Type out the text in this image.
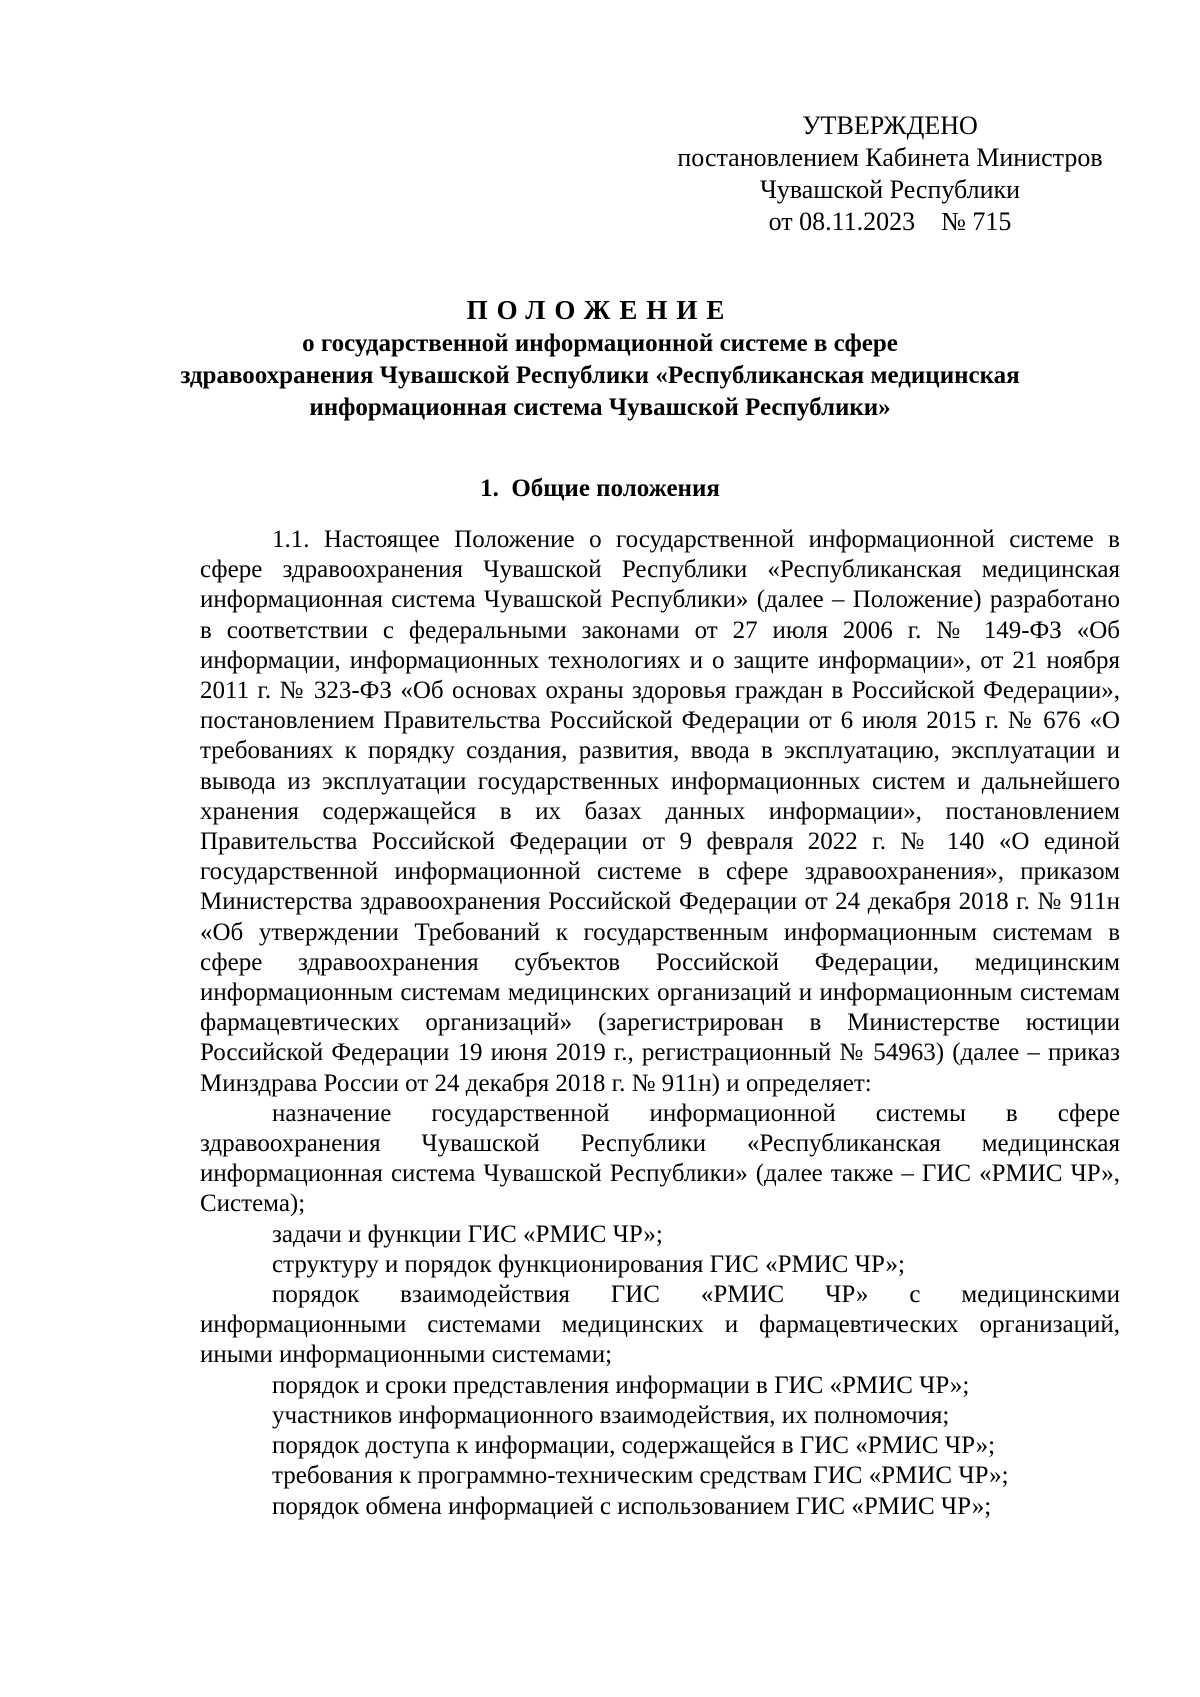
УТВЕРЖДЕНО
постановлением Кабинета Министров
Чувашской Республики
от 08.11.2023    № 715
ПОЛОЖЕНИЕ
о государственной информационной системе в сфере
здравоохранения Чувашской Республики «Республиканская медицинская
информационная система Чувашской Республики»
1.  Общие положения

1.1. Настоящее Положение о государственной информационной системе в сфере здравоохранения Чувашской Республики «Республиканская медицинская информационная система Чувашской Республики» (далее – Положение) разработано в соответствии с федеральными законами от 27 июля 2006 г. № 149-ФЗ «Об информации, информационных технологиях и о защите информации», от 21 ноября 2011 г. № 323-ФЗ «Об основах охраны здоровья граждан в Российской Федерации», постановлением Правительства Российской Федерации от 6 июля 2015 г. № 676 «О требованиях к порядку создания, развития, ввода в эксплуатацию, эксплуатации и вывода из эксплуатации государственных информационных систем и дальнейшего хранения содержащейся в их базах данных информации», постановлением Правительства Российской Федерации от 9 февраля 2022 г. № 140 «О единой государственной информационной системе в сфере здравоохранения», приказом Министерства здравоохранения Российской Федерации от 24 декабря 2018 г. № 911н «Об утверждении Требований к государственным информационным системам в сфере здравоохранения субъектов Российской Федерации, медицинским информационным системам медицинских организаций и информационным системам фармацевтических организаций» (зарегистрирован в Министерстве юстиции Российской Федерации 19 июня 2019 г., регистрационный № 54963) (далее – приказ Минздрава России от 24 декабря 2018 г. № 911н) и определяет:

назначение государственной информационной системы в сфере здравоохранения Чувашской Республики «Республиканская медицинская информационная система Чувашской Республики» (далее также – ГИС «РМИС ЧР», Система);

задачи и функции ГИС «РМИС ЧР»;

структуру и порядок функционирования ГИС «РМИС ЧР»;

порядок взаимодействия ГИС «РМИС ЧР» с медицинскими информационными системами медицинских и фармацевтических организаций, иными информационными системами;

порядок и сроки представления информации в ГИС «РМИС ЧР»;

участников информационного взаимодействия, их полномочия;

порядок доступа к информации, содержащейся в ГИС «РМИС ЧР»;

требования к программно-техническим средствам ГИС «РМИС ЧР»;

порядок обмена информацией с использованием ГИС «РМИС ЧР»;
